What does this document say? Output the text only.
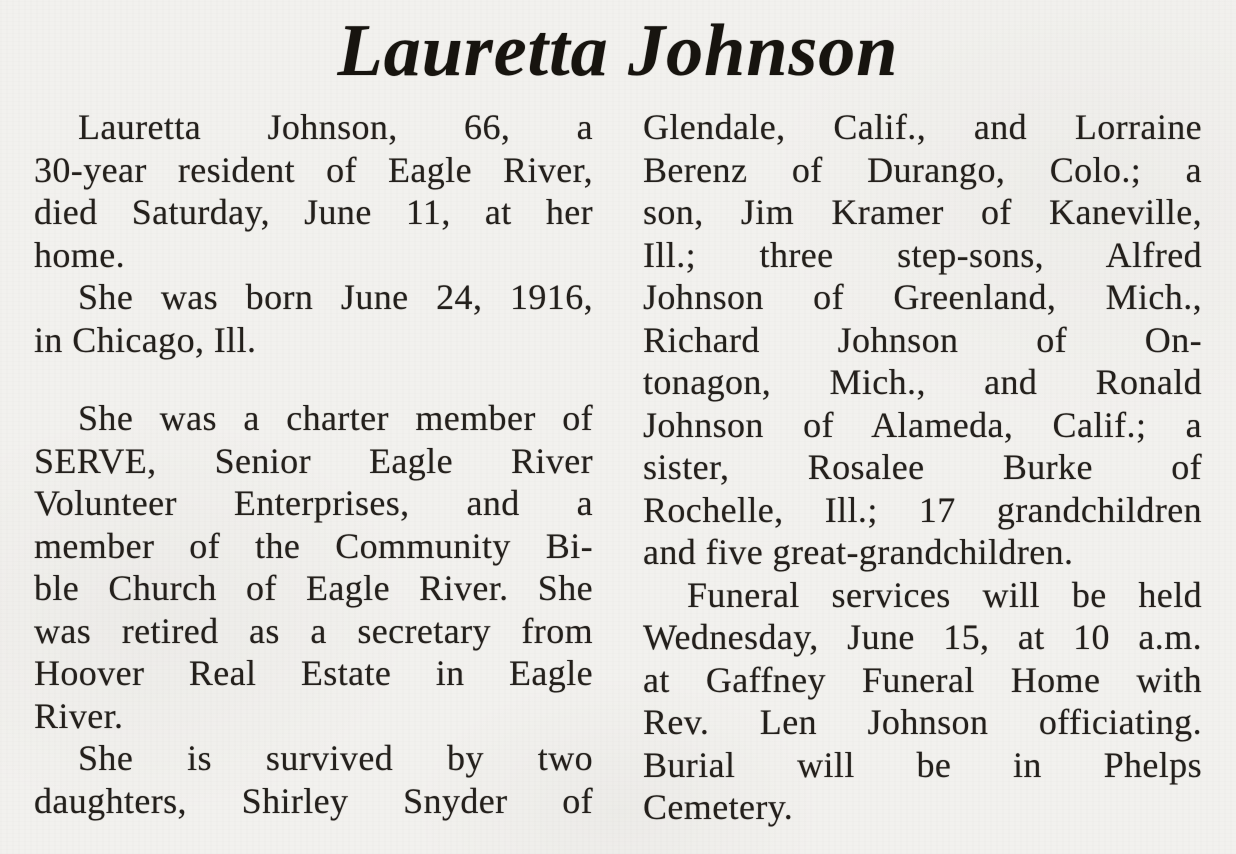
Lauretta Johnson
Lauretta Johnson, 66, a
30-year resident of Eagle River,
died Saturday, June 11, at her
home.
She was born June 24, 1916,
in Chicago, Ill.
She was a charter member of
SERVE, Senior Eagle River
Volunteer Enterprises, and a
member of the Community Bi-
ble Church of Eagle River. She
was retired as a secretary from
Hoover Real Estate in Eagle
River.
She is survived by two
daughters, Shirley Snyder of
Glendale, Calif., and Lorraine
Berenz of Durango, Colo.; a
son, Jim Kramer of Kaneville,
Ill.; three step-sons, Alfred
Johnson of Greenland, Mich.,
Richard Johnson of On-
tonagon, Mich., and Ronald
Johnson of Alameda, Calif.; a
sister, Rosalee Burke of
Rochelle, Ill.; 17 grandchildren
and five great-grandchildren.
Funeral services will be held
Wednesday, June 15, at 10 a.m.
at Gaffney Funeral Home with
Rev. Len Johnson officiating.
Burial will be in Phelps
Cemetery.
